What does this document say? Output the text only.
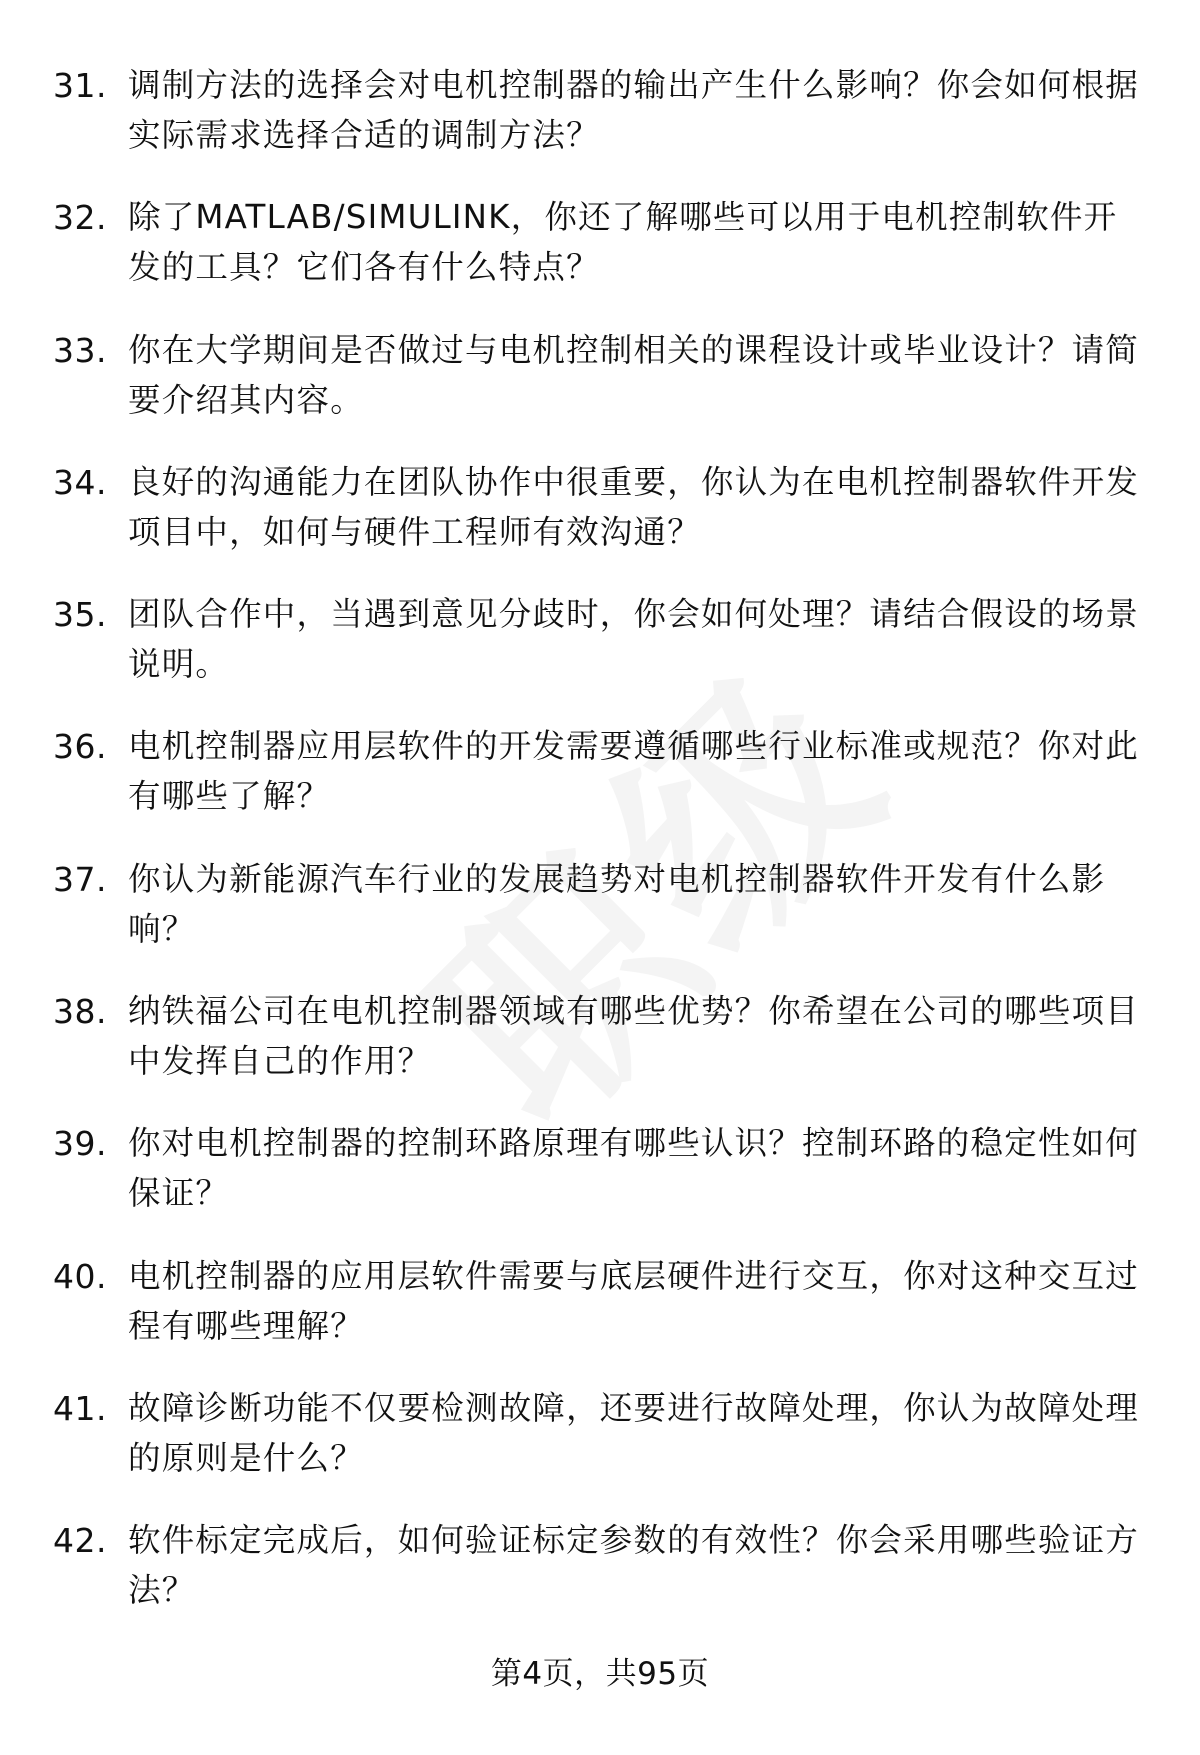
31. 调制方法的选择会对电机控制器的输出产生什么影响？你会如何根据实际需求选择合适的调制方法？
32. 除了MATLAB/SIMULINK，你还了解哪些可以用于电机控制软件开发的工具？它们各有什么特点？
33. 你在大学期间是否做过与电机控制相关的课程设计或毕业设计？请简要介绍其内容。
34. 良好的沟通能力在团队协作中很重要，你认为在电机控制器软件开发项目中，如何与硬件工程师有效沟通？
35. 团队合作中，当遇到意见分歧时，你会如何处理？请结合假设的场景说明。
36. 电机控制器应用层软件的开发需要遵循哪些行业标准或规范？你对此有哪些了解？
37. 你认为新能源汽车行业的发展趋势对电机控制器软件开发有什么影响？
38. 纳铁福公司在电机控制器领域有哪些优势？你希望在公司的哪些项目中发挥自己的作用？
39. 你对电机控制器的控制环路原理有哪些认识？控制环路的稳定性如何保证？
40. 电机控制器的应用层软件需要与底层硬件进行交互，你对这种交互过程有哪些理解？
41. 故障诊断功能不仅要检测故障，还要进行故障处理，你认为故障处理的原则是什么？
42. 软件标定完成后，如何验证标定参数的有效性？你会采用哪些验证方法？
第4页，共95页
